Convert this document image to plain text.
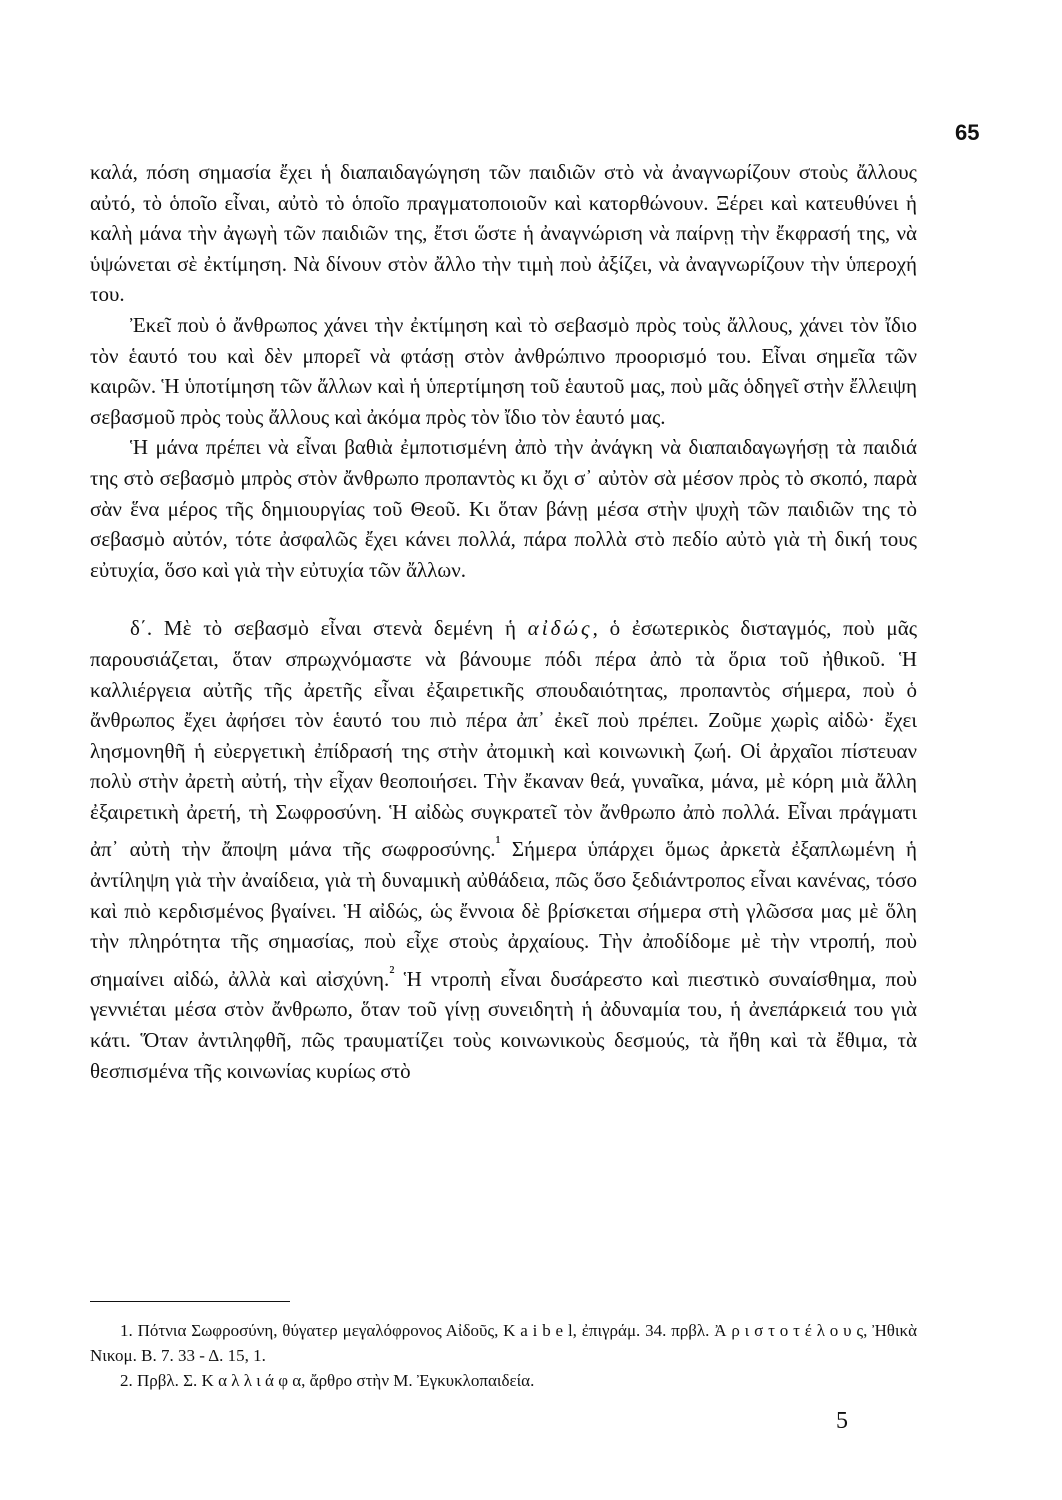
65

καλά, πόση σημασία ἔχει ἡ διαπαιδαγώγηση τῶν παιδιῶν στὸ νὰ ἀναγνωρίζουν στοὺς ἄλλους αὐτό, τὸ ὁποῖο εἶναι, αὐτὸ τὸ ὁποῖο πραγματοποιοῦν καὶ κατορθώνουν. Ξέρει καὶ κατευθύνει ἡ καλὴ μάνα τὴν ἀγωγὴ τῶν παιδιῶν της, ἔτσι ὥστε ἡ ἀναγνώριση νὰ παίρνῃ τὴν ἔκφρασή της, νὰ ὑψώνεται σὲ ἐκτίμηση. Νὰ δίνουν στὸν ἄλλο τὴν τιμὴ ποὺ ἀξίζει, νὰ ἀναγνωρίζουν τὴν ὑπεροχή του.

Ἐκεῖ ποὺ ὁ ἄνθρωπος χάνει τὴν ἐκτίμηση καὶ τὸ σεβασμὸ πρὸς τοὺς ἄλλους, χάνει τὸν ἴδιο τὸν ἑαυτό του καὶ δὲν μπορεῖ νὰ φτάσῃ στὸν ἀνθρώπινο προορισμό του. Εἶναι σημεῖα τῶν καιρῶν. Ἡ ὑποτίμηση τῶν ἄλλων καὶ ἡ ὑπερτίμηση τοῦ ἑαυτοῦ μας, ποὺ μᾶς ὁδηγεῖ στὴν ἔλλειψη σεβασμοῦ πρὸς τοὺς ἄλλους καὶ ἀκόμα πρὸς τὸν ἴδιο τὸν ἑαυτό μας.

Ἡ μάνα πρέπει νὰ εἶναι βαθιὰ ἐμποτισμένη ἀπὸ τὴν ἀνάγκη νὰ διαπαιδαγωγήσῃ τὰ παιδιά της στὸ σεβασμὸ μπρὸς στὸν ἄνθρωπο προπαντὸς κι ὄχι σ᾽ αὐτὸν σὰ μέσον πρὸς τὸ σκοπό, παρὰ σὰν ἕνα μέρος τῆς δημιουργίας τοῦ Θεοῦ. Κι ὅταν βάνῃ μέσα στὴν ψυχὴ τῶν παιδιῶν της τὸ σεβασμὸ αὐτόν, τότε ἀσφαλῶς ἔχει κάνει πολλά, πάρα πολλὰ στὸ πεδίο αὐτὸ γιὰ τὴ δική τους εὐτυχία, ὅσο καὶ γιὰ τὴν εὐτυχία τῶν ἄλλων.

δ΄. Μὲ τὸ σεβασμὸ εἶναι στενὰ δεμένη ἡ αἰδώς, ὁ ἐσωτερικὸς δισταγμός, ποὺ μᾶς παρουσιάζεται, ὅταν σπρωχνόμαστε νὰ βάνουμε πόδι πέρα ἀπὸ τὰ ὅρια τοῦ ἠθικοῦ. Ἡ καλλιέργεια αὐτῆς τῆς ἀρετῆς εἶναι ἐξαιρετικῆς σπουδαιότητας, προπαντὸς σήμερα, ποὺ ὁ ἄνθρωπος ἔχει ἀφήσει τὸν ἑαυτό του πιὸ πέρα ἀπ᾽ ἐκεῖ ποὺ πρέπει. Ζοῦμε χωρὶς αἰδὼ· ἔχει λησμονηθῆ ἡ εὐεργετικὴ ἐπίδρασή της στὴν ἀτομικὴ καὶ κοινωνικὴ ζωή. Οἱ ἀρχαῖοι πίστευαν πολὺ στὴν ἀρετὴ αὐτή, τὴν εἶχαν θεοποιήσει. Τὴν ἔκαναν θεά, γυναῖκα, μάνα, μὲ κόρη μιὰ ἄλλη ἐξαιρετικὴ ἀρετή, τὴ Σωφροσύνη. Ἡ αἰδὼς συγκρατεῖ τὸν ἄνθρωπο ἀπὸ πολλά. Εἶναι πράγματι ἀπ᾽ αὐτὴ τὴν ἄποψη μάνα τῆς σωφροσύνης.$^{^1}$ Σήμερα ὑπάρχει ὅμως ἀρκετὰ ἐξαπλωμένη ἡ ἀντίληψη γιὰ τὴν ἀναίδεια, γιὰ τὴ δυναμικὴ αὐθάδεια, πῶς ὅσο ξεδιάντροπος εἶναι κανένας, τόσο καὶ πιὸ κερδισμένος βγαίνει. Ἡ αἰδώς, ὡς ἔννοια δὲ βρίσκεται σήμερα στὴ γλῶσσα μας μὲ ὅλη τὴν πληρότητα τῆς σημασίας, ποὺ εἶχε στοὺς ἀρχαίους. Τὴν ἀποδίδομε μὲ τὴν ντροπή, ποὺ σημαίνει αἰδώ, ἀλλὰ καὶ αἰσχύνη.$^{^2}$ Ἡ ντροπὴ εἶναι δυσάρεστο καὶ πιεστικὸ συναίσθημα, ποὺ γεννιέται μέσα στὸν ἄνθρωπο, ὅταν τοῦ γίνῃ συνειδητὴ ἡ ἀδυναμία του, ἡ ἀνεπάρκειά του γιὰ κάτι. Ὅταν ἀντιληφθῆ, πῶς τραυματίζει τοὺς κοινωνικοὺς δεσμούς, τὰ ἤθη καὶ τὰ ἔθιμα, τὰ θεσπισμένα τῆς κοινωνίας κυρίως στὸ

1. Πότνια Σωφροσύνη, θύγατερ μεγαλόφρονος Αἰδοῦς, K a i b e l, ἐπιγράμ. 34. πρβλ. Ἀ ρ ι σ τ ο τ έ λ ο υ ς, Ἠθικὰ Νικομ. Β. 7. 33 - Δ. 15, 1.

2. Πρβλ. Σ. Κ α λ λ ι ά φ α, ἄρθρο στὴν Μ. Ἐγκυκλοπαιδεία.

5
